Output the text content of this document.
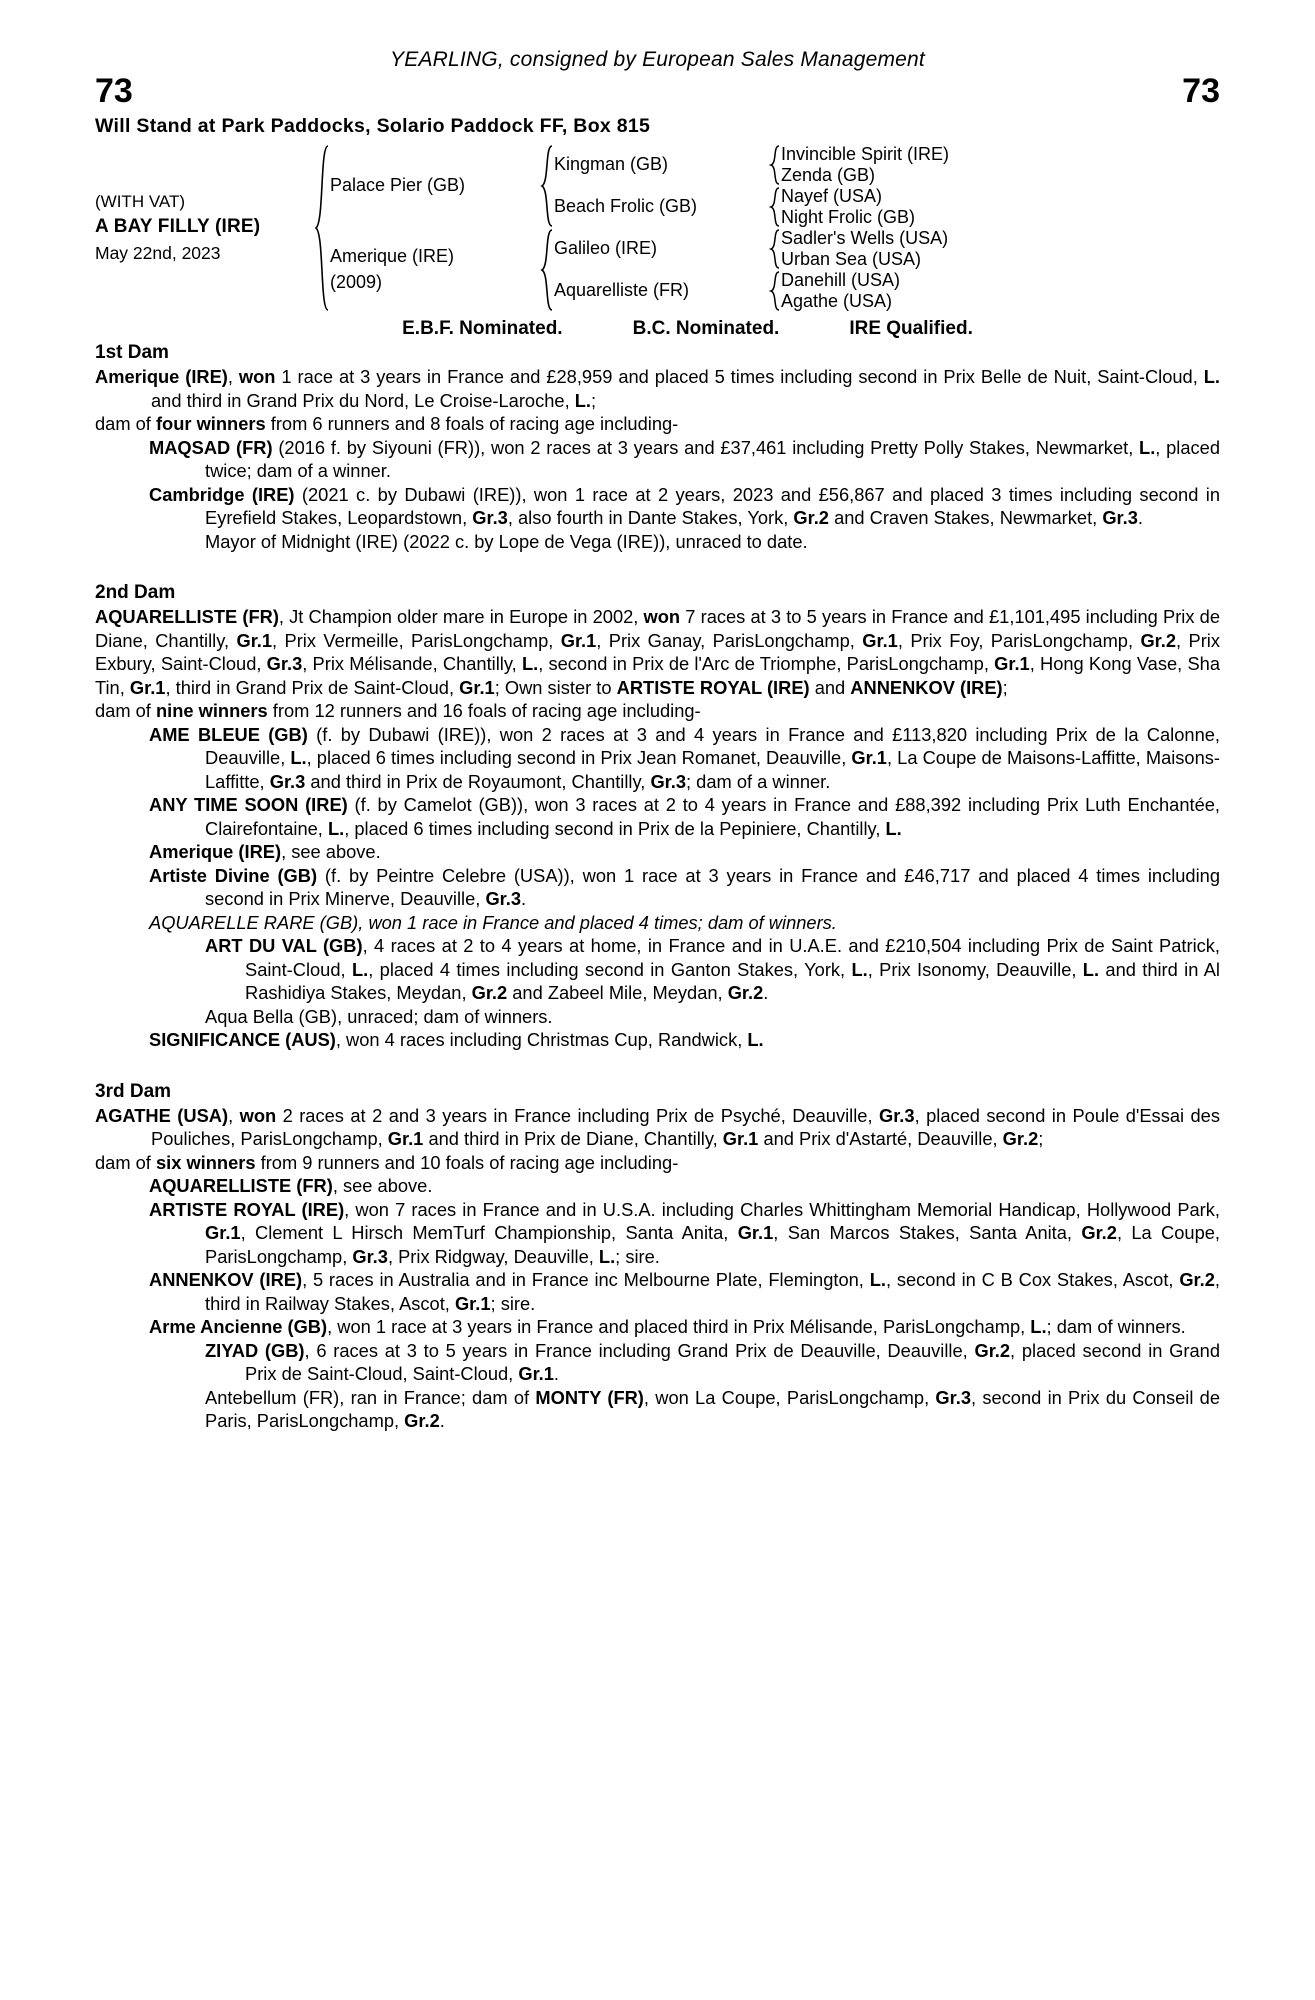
YEARLING, consigned by European Sales Management
73	73
Will Stand at Park Paddocks, Solario Paddock FF, Box 815
(WITH VAT)
A BAY FILLY (IRE)
May 22nd, 2023
Palace Pier (GB)
Amerique (IRE)
(2009)
Kingman (GB)
Beach Frolic (GB)
Galileo (IRE)
Aquarelliste (FR)
Invincible Spirit (IRE)
Zenda (GB)
Nayef (USA)
Night Frolic (GB)
Sadler's Wells (USA)
Urban Sea (USA)
Danehill (USA)
Agathe (USA)
E.B.F. Nominated.	B.C. Nominated.	IRE Qualified.
1st Dam

Amerique (IRE), won 1 race at 3 years in France and £28,959 and placed 5 times including second in Prix Belle de Nuit, Saint-Cloud, L. and third in Grand Prix du Nord, Le Croise-Laroche, L.;

dam of four winners from 6 runners and 8 foals of racing age including-

MAQSAD (FR) (2016 f. by Siyouni (FR)), won 2 races at 3 years and £37,461 including Pretty Polly Stakes, Newmarket, L., placed twice; dam of a winner.

Cambridge (IRE) (2021 c. by Dubawi (IRE)), won 1 race at 2 years, 2023 and £56,867 and placed 3 times including second in Eyrefield Stakes, Leopardstown, Gr.3, also fourth in Dante Stakes, York, Gr.2 and Craven Stakes, Newmarket, Gr.3.

Mayor of Midnight (IRE) (2022 c. by Lope de Vega (IRE)), unraced to date.

2nd Dam

AQUARELLISTE (FR), Jt Champion older mare in Europe in 2002, won 7 races at 3 to 5 years in France and £1,101,495 including Prix de Diane, Chantilly, Gr.1, Prix Vermeille, ParisLongchamp, Gr.1, Prix Ganay, ParisLongchamp, Gr.1, Prix Foy, ParisLongchamp, Gr.2, Prix Exbury, Saint-Cloud, Gr.3, Prix Mélisande, Chantilly, L., second in Prix de l'Arc de Triomphe, ParisLongchamp, Gr.1, Hong Kong Vase, Sha Tin, Gr.1, third in Grand Prix de Saint-Cloud, Gr.1; Own sister to ARTISTE ROYAL (IRE) and ANNENKOV (IRE);

dam of nine winners from 12 runners and 16 foals of racing age including-

AME BLEUE (GB) (f. by Dubawi (IRE)), won 2 races at 3 and 4 years in France and £113,820 including Prix de la Calonne, Deauville, L., placed 6 times including second in Prix Jean Romanet, Deauville, Gr.1, La Coupe de Maisons-Laffitte, Maisons-Laffitte, Gr.3 and third in Prix de Royaumont, Chantilly, Gr.3; dam of a winner.

ANY TIME SOON (IRE) (f. by Camelot (GB)), won 3 races at 2 to 4 years in France and £88,392 including Prix Luth Enchantée, Clairefontaine, L., placed 6 times including second in Prix de la Pepiniere, Chantilly, L.

Amerique (IRE), see above.

Artiste Divine (GB) (f. by Peintre Celebre (USA)), won 1 race at 3 years in France and £46,717 and placed 4 times including second in Prix Minerve, Deauville, Gr.3.

AQUARELLE RARE (GB), won 1 race in France and placed 4 times; dam of winners.

ART DU VAL (GB), 4 races at 2 to 4 years at home, in France and in U.A.E. and £210,504 including Prix de Saint Patrick, Saint-Cloud, L., placed 4 times including second in Ganton Stakes, York, L., Prix Isonomy, Deauville, L. and third in Al Rashidiya Stakes, Meydan, Gr.2 and Zabeel Mile, Meydan, Gr.2.

Aqua Bella (GB), unraced; dam of winners.

SIGNIFICANCE (AUS), won 4 races including Christmas Cup, Randwick, L.

3rd Dam

AGATHE (USA), won 2 races at 2 and 3 years in France including Prix de Psyché, Deauville, Gr.3, placed second in Poule d'Essai des Pouliches, ParisLongchamp, Gr.1 and third in Prix de Diane, Chantilly, Gr.1 and Prix d'Astarté, Deauville, Gr.2;

dam of six winners from 9 runners and 10 foals of racing age including-

AQUARELLISTE (FR), see above.

ARTISTE ROYAL (IRE), won 7 races in France and in U.S.A. including Charles Whittingham Memorial Handicap, Hollywood Park, Gr.1, Clement L Hirsch MemTurf Championship, Santa Anita, Gr.1, San Marcos Stakes, Santa Anita, Gr.2, La Coupe, ParisLongchamp, Gr.3, Prix Ridgway, Deauville, L.; sire.

ANNENKOV (IRE), 5 races in Australia and in France inc Melbourne Plate, Flemington, L., second in C B Cox Stakes, Ascot, Gr.2, third in Railway Stakes, Ascot, Gr.1; sire.

Arme Ancienne (GB), won 1 race at 3 years in France and placed third in Prix Mélisande, ParisLongchamp, L.; dam of winners.

ZIYAD (GB), 6 races at 3 to 5 years in France including Grand Prix de Deauville, Deauville, Gr.2, placed second in Grand Prix de Saint-Cloud, Saint-Cloud, Gr.1.

Antebellum (FR), ran in France; dam of MONTY (FR), won La Coupe, ParisLongchamp, Gr.3, second in Prix du Conseil de Paris, ParisLongchamp, Gr.2.
